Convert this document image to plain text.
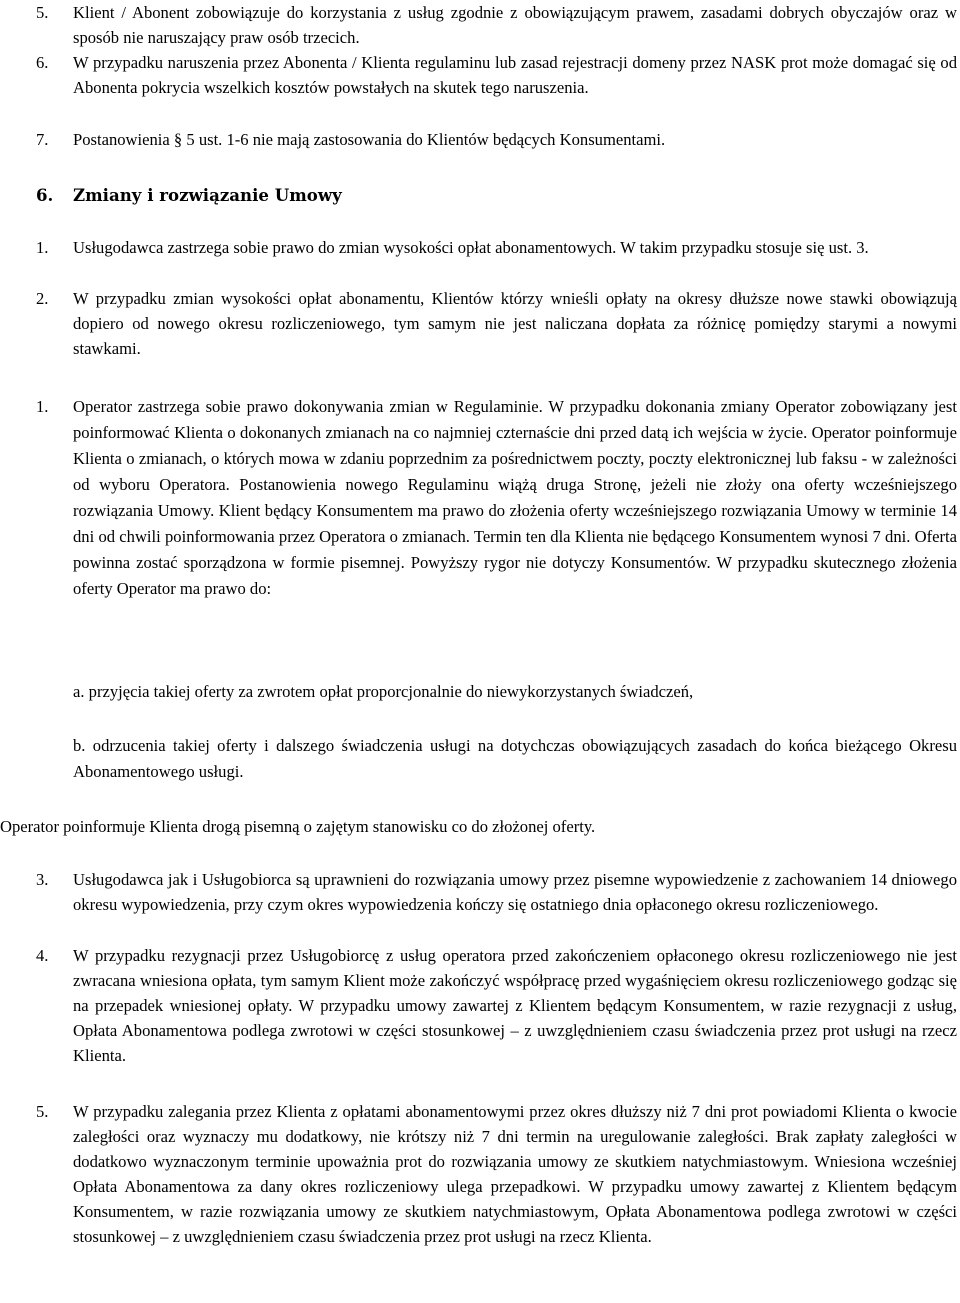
5. Klient / Abonent zobowiązuje do korzystania z usług zgodnie z obowiązującym prawem, zasadami dobrych obyczajów oraz w sposób nie naruszający praw osób trzecich.
6. W przypadku naruszenia przez Abonenta / Klienta regulaminu lub zasad rejestracji domeny przez NASK prot może domagać się od Abonenta pokrycia wszelkich kosztów powstałych na skutek tego naruszenia.
7. Postanowienia § 5 ust. 1-6 nie mają zastosowania do Klientów będących Konsumentami.
6. Zmiany i rozwiązanie Umowy
1. Usługodawca zastrzega sobie prawo do zmian wysokości opłat abonamentowych. W takim przypadku stosuje się ust. 3.
2. W przypadku zmian wysokości opłat abonamentu, Klientów którzy wnieśli opłaty na okresy dłuższe nowe stawki obowiązują dopiero od nowego okresu rozliczeniowego, tym samym nie jest naliczana dopłata za różnicę pomiędzy starymi a nowymi stawkami.
1. Operator zastrzega sobie prawo dokonywania zmian w Regulaminie. W przypadku dokonania zmiany Operator zobowiązany jest poinformować Klienta o dokonanych zmianach na co najmniej czternaście dni przed datą ich wejścia w życie. Operator poinformuje Klienta o zmianach, o których mowa w zdaniu poprzednim za pośrednictwem poczty, poczty elektronicznej lub faksu - w zależności od wyboru Operatora. Postanowienia nowego Regulaminu wiążą druga Stronę, jeżeli nie złoży ona oferty wcześniejszego rozwiązania Umowy. Klient będący Konsumentem ma prawo do złożenia oferty wcześniejszego rozwiązania Umowy w terminie 14 dni od chwili poinformowania przez Operatora o zmianach. Termin ten dla Klienta nie będącego Konsumentem wynosi 7 dni. Oferta powinna zostać sporządzona w formie pisemnej. Powyższy rygor nie dotyczy Konsumentów. W przypadku skutecznego złożenia oferty Operator ma prawo do:
a. przyjęcia takiej oferty za zwrotem opłat proporcjonalnie do niewykorzystanych świadczeń,
b. odrzucenia takiej oferty i dalszego świadczenia usługi na dotychczas obowiązujących zasadach do końca bieżącego Okresu Abonamentowego usługi.
Operator poinformuje Klienta drogą pisemną o zajętym stanowisku co do złożonej oferty.
3. Usługodawca jak i Usługobiorca są uprawnieni do rozwiązania umowy przez pisemne wypowiedzenie z zachowaniem 14 dniowego okresu wypowiedzenia, przy czym okres wypowiedzenia kończy się ostatniego dnia opłaconego okresu rozliczeniowego.
4. W przypadku rezygnacji przez Usługobiorcę z usług operatora przed zakończeniem opłaconego okresu rozliczeniowego nie jest zwracana wniesiona opłata, tym samym Klient może zakończyć współpracę przed wygaśnięciem okresu rozliczeniowego godząc się na przepadek wniesionej opłaty. W przypadku umowy zawartej z Klientem będącym Konsumentem, w razie rezygnacji z usług, Opłata Abonamentowa podlega zwrotowi w części stosunkowej – z uwzględnieniem czasu świadczenia przez prot usługi na rzecz Klienta.
5. W przypadku zalegania przez Klienta z opłatami abonamentowymi przez okres dłuższy niż 7 dni prot powiadomi Klienta o kwocie zaległości oraz wyznaczy mu dodatkowy, nie krótszy niż 7 dni termin na uregulowanie zaległości. Brak zapłaty zaległości w dodatkowo wyznaczonym terminie upoważnia prot do rozwiązania umowy ze skutkiem natychmiastowym. Wniesiona wcześniej Opłata Abonamentowa za dany okres rozliczeniowy ulega przepadkowi. W przypadku umowy zawartej z Klientem będącym Konsumentem, w razie rozwiązania umowy ze skutkiem natychmiastowym, Opłata Abonamentowa podlega zwrotowi w części stosunkowej – z uwzględnieniem czasu świadczenia przez prot usługi na rzecz Klienta.
